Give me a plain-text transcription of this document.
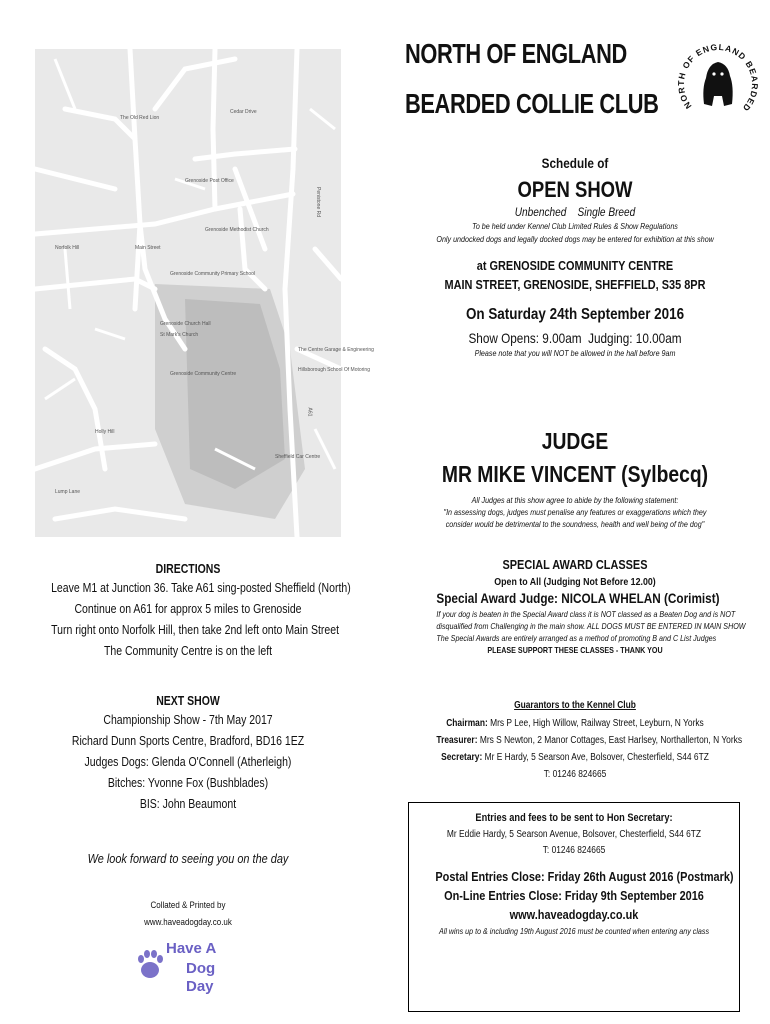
The Old Red Lion
Grenoside Post Office
Grenoside Methodist Church
Norfolk Hill	Main Street
Grenoside Community Primary School
Grenoside Church Hall
St Mark's Church
The Centre Garage & Engineering
Hillsborough School Of Motoring
Grenoside Community Centre
Sheffield Car Centre
Penistone Rd
A61
Lump Lane
Holly Hill
Cedar Drive
DIRECTIONS
Leave M1 at Junction 36. Take A61 sing-posted Sheffield (North)
Continue on A61 for approx 5 miles to Grenoside
Turn right onto Norfolk Hill, then take 2nd left onto Main Street
The Community Centre is on the left
NEXT SHOW
Championship Show - 7th May 2017
Richard Dunn Sports Centre, Bradford, BD16 1EZ
Judges Dogs: Glenda O'Connell (Atherleigh)
Bitches: Yvonne Fox (Bushblades)
BIS: John Beaumont
We look forward to seeing you on the day
Collated & Printed by
www.haveadogday.co.uk
Have A
Dog Day
NORTH OF ENGLAND
BEARDED COLLIE CLUB	NO OF ENGLAND BE ED
Schedule of
OPEN SHOW
Unbenched Single Breed
To be held under Kennel Club Limited Rules & Show Regulations
Only undocked dogs and legally docked dogs may be entered for exhibition at this show
at GRENOSIDE COMMUNITY CENTRE
MAIN STREET, GRENOSIDE, SHEFFIELD, S35 8PR
On Saturday 24th September 2016
Show Opens: 9.00am  Judging: 10.00am
Please note that you will NOT be allowed in the hall before 9am
JUDGE
MR MIKE VINCENT (Sylbecq)
All Judges at this show agree to abide by the following statement:
"In assessing dogs, judges must penalise any features or exaggerations which they
consider would be detrimental to the soundness, health and well being of the dog"
SPECIAL AWARD CLASSES
Open to All (Judging Not Before 12.00)
Special Award Judge: NICOLA WHELAN (Corimist)
If your dog is beaten in the Special Award class it is NOT classed as a Beaten Dog and is NOT
disqualified from Challenging in the main show. ALL DOGS MUST BE ENTERED IN MAIN SHOW
The Special Awards are entirely arranged as a method of promoting B and C List Judges
PLEASE SUPPORT THESE CLASSES - THANK YOU
Guarantors to the Kennel Club
Chairman: Mrs P Lee, High Willow, Railway Street, Leyburn, N Yorks
Treasurer: Mrs S Newton, 2 Manor Cottages, East Harlsey, Northallerton, N Yorks
Secretary: Mr E Hardy, 5 Searson Ave, Bolsover, Chesterfield, S44 6TZ
T: 01246 824665
Entries and fees to be sent to Hon Secretary:
Mr Eddie Hardy, 5 Searson Avenue, Bolsover, Chesterfield, S44 6TZ
T: 01246 824665
Postal Entries Close: Friday 26th August 2016 (Postmark)
On-Line Entries Close: Friday 9th September 2016
www.haveadogday.co.uk
All wins up to & including 19th August 2016 must be counted when entering any class
